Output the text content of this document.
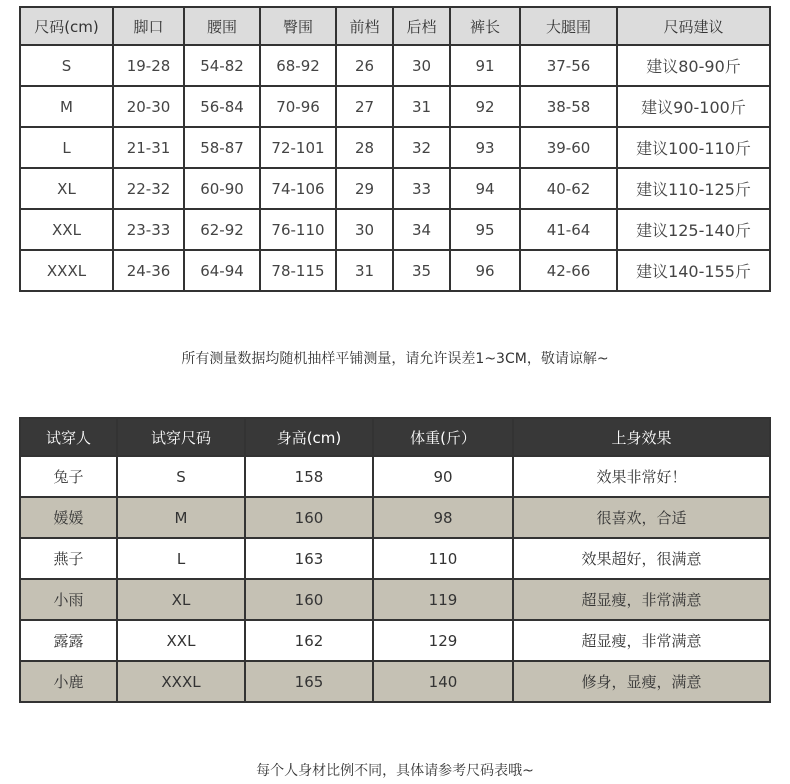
尺码(cm)	脚口	腰围	臀围	前档	后档	裤长	大腿围	尺码建议
S	19-28	54-82	68-92	26	30	91	37-56	建议80-90斤
M	20-30	56-84	70-96	27	31	92	38-58	建议90-100斤
L	21-31	58-87	72-101	28	32	93	39-60	建议100-110斤
XL	22-32	60-90	74-106	29	33	94	40-62	建议110-125斤
XXL	23-33	62-92	76-110	30	34	95	41-64	建议125-140斤
XXXL	24-36	64-94	78-115	31	35	96	42-66	建议140-155斤
所有测量数据均随机抽样平铺测量，请允许误差1~3CM，敬请谅解~
试穿人	试穿尺码	身高(cm)	体重(斤）	上身效果
兔子	S	158	90	效果非常好！
媛媛	M	160	98	很喜欢，合适
燕子	L	163	110	效果超好，很满意
小雨	XL	160	119	超显瘦，非常满意
露露	XXL	162	129	超显瘦，非常满意
小鹿	XXXL	165	140	修身，显瘦，满意
每个人身材比例不同，具体请参考尺码表哦~
